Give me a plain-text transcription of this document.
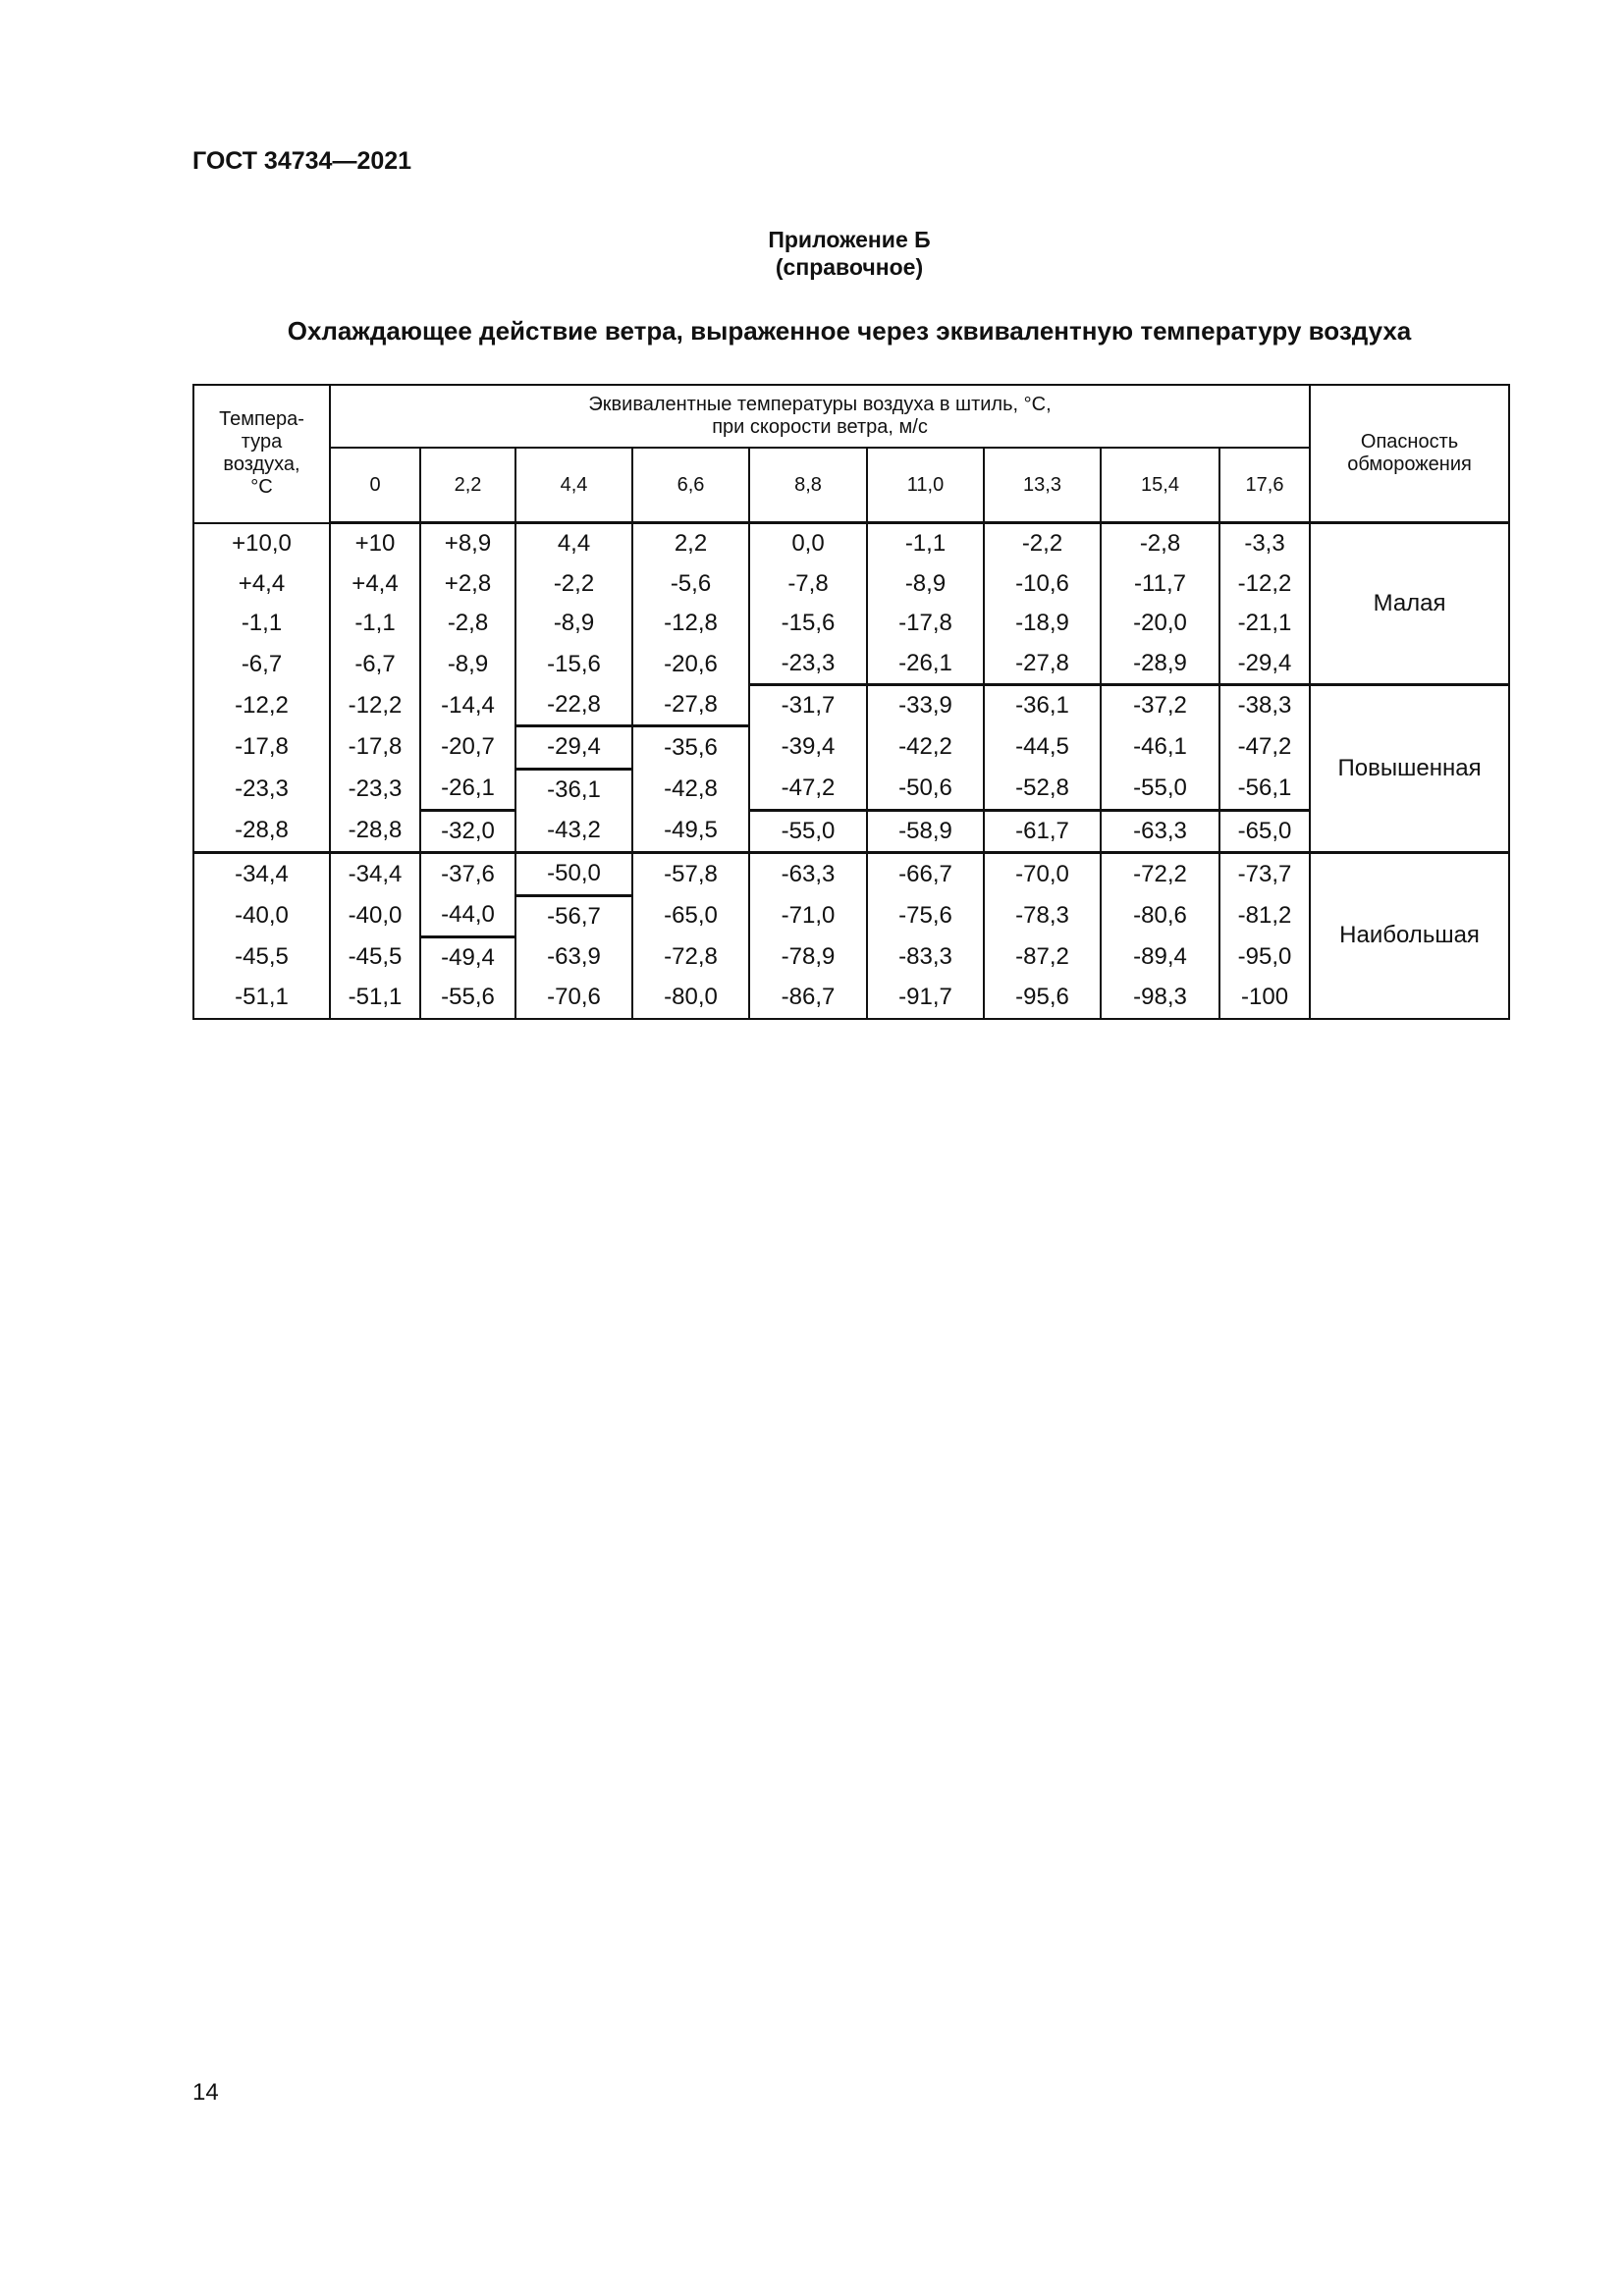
ГОСТ 34734—2021
Приложение Б
(справочное)
Охлаждающее действие ветра, выраженное через эквивалентную температуру воздуха
Темпера-
тура
воздуха,
°C	Эквивалентные температуры воздуха в штиль, °C,
при скорости ветра, м/с									Опасность
обморожения

	0	2,2	4,4	6,6	8,8	11,0	13,3	15,4	17,6	
+10,0	+10	+8,9	4,4	2,2	0,0	-1,1	-2,2	-2,8	-3,3	Малая
+4,4	+4,4	+2,8	-2,2	-5,6	-7,8	-8,9	-10,6	-11,7	-12,2	
-1,1	-1,1	-2,8	-8,9	-12,8	-15,6	-17,8	-18,9	-20,0	-21,1	
-6,7	-6,7	-8,9	-15,6	-20,6	-23,3	-26,1	-27,8	-28,9	-29,4	
-12,2	-12,2	-14,4	-22,8	-27,8	-31,7	-33,9	-36,1	-37,2	-38,3	Повышенная
-17,8	-17,8	-20,7	-29,4	-35,6	-39,4	-42,2	-44,5	-46,1	-47,2	
-23,3	-23,3	-26,1	-36,1	-42,8	-47,2	-50,6	-52,8	-55,0	-56,1	
-28,8	-28,8	-32,0	-43,2	-49,5	-55,0	-58,9	-61,7	-63,3	-65,0	
-34,4	-34,4	-37,6	-50,0	-57,8	-63,3	-66,7	-70,0	-72,2	-73,7	Наибольшая
-40,0	-40,0	-44,0	-56,7	-65,0	-71,0	-75,6	-78,3	-80,6	-81,2	
-45,5	-45,5	-49,4	-63,9	-72,8	-78,9	-83,3	-87,2	-89,4	-95,0	
-51,1	-51,1	-55,6	-70,6	-80,0	-86,7	-91,7	-95,6	-98,3	-100	
14
